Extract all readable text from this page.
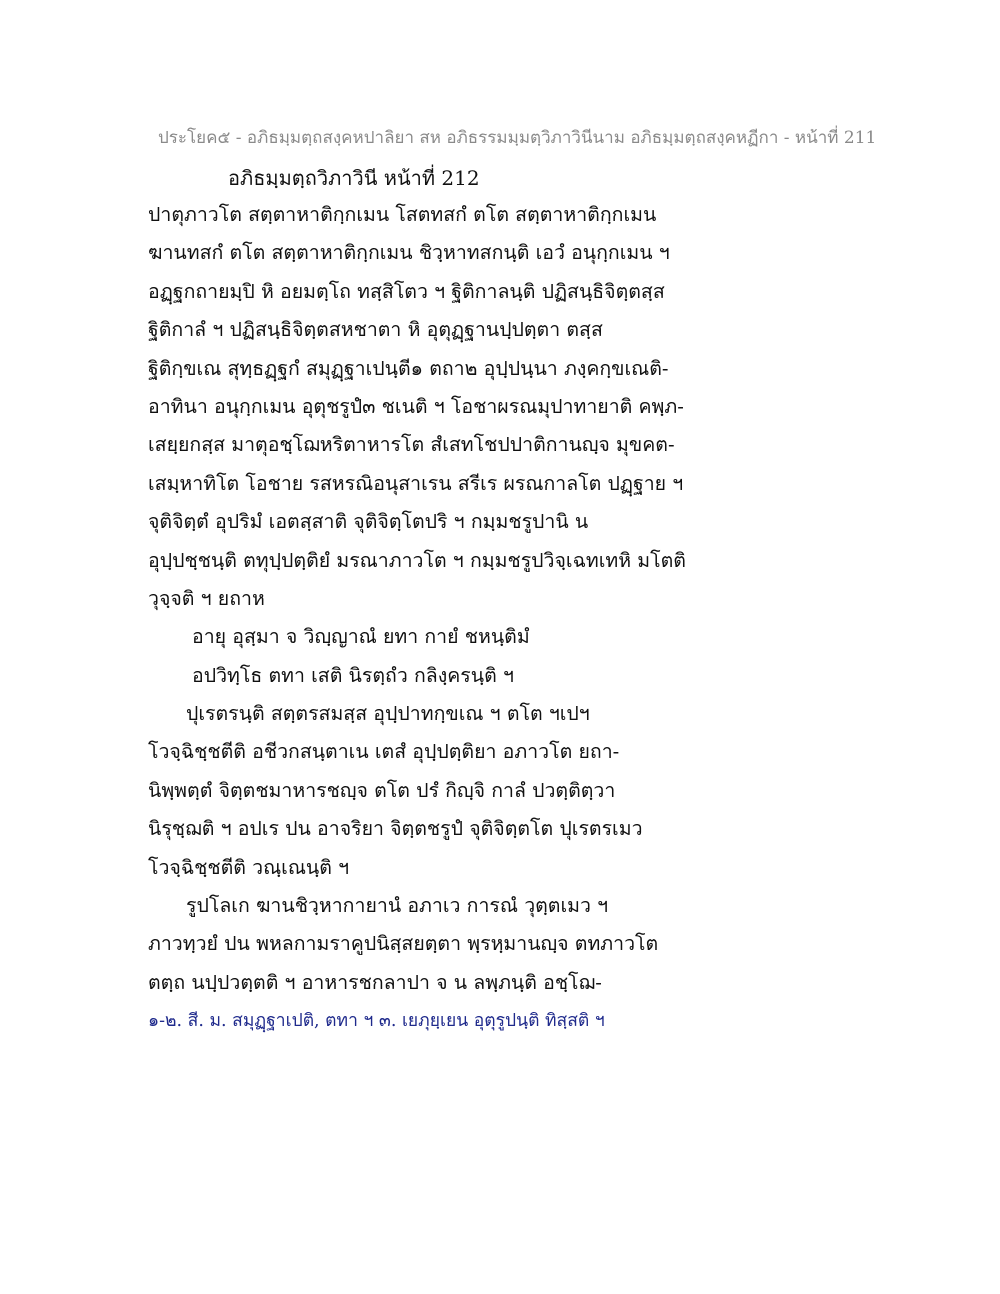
ประโยค๕ - อภิธมฺมตฺถสงฺคหปาลิยา สห อภิธรรมมฺมตฺวิภาวินีนาม อภิธมฺมตฺถสงฺคหฏีกา - หน้าที่ 211
อภิธมฺมตฺถวิภาวินี หน้าที่ 212
ปาตุภาวโต สตฺตาหาติกฺกเมน โสตทสกํ ตโต สตฺตาหาติกฺกเมน
ฆานทสกํ ตโต สตฺตาหาติกฺกเมน ชิวฺหาทสกนฺติ เอวํ อนุกฺกเมน ฯ
อฏฺฐกถายมฺปิ หิ อยมตฺโถ ทสฺสิโตว ฯ ฐิติกาลนฺติ ปฏิสนฺธิจิตฺตสฺส
ฐิติกาลํ ฯ ปฏิสนฺธิจิตฺตสหชาตา หิ อุตุฏฺฐานปฺปตฺตา ตสฺส
ฐิติกฺขเณ สุทฺธฏฺฐกํ สมุฏฺฐาเปนฺตี๑ ตถา๒ อุปฺปนฺนา ภงฺคกฺขเณติ-
อาทินา อนุกฺกเมน อุตุชรูปํ๓ ชเนติ ฯ โอชาผรณมุปาทายาติ คพฺภ-
เสยฺยกสฺส มาตุอชฺโฌหริตาหารโต สํเสทโชปปาติกานญฺจ มุขคต-
เสมฺหาทิโต โอชาย รสหรณิอนุสาเรน สรีเร ผรณกาลโต ปฏฺฐาย ฯ
จุติจิตฺตํ อุปริมํ เอตสฺสาติ จุติจิตฺโตปริ ฯ กมฺมชรูปานิ น
อุปฺปชฺชนฺติ ตทุปฺปตฺติยํ มรณาภาวโต ฯ กมฺมชรูปวิจฺเฉทเทหิ มโตติ
วุจฺจติ ฯ ยถาห
อายุ อุสฺมา จ วิญฺญาณํ ยทา กายํ ชหนฺติมํ
อปวิทฺโธ ตทา เสติ นิรตฺถํว กลิงฺครนฺติ ฯ
ปุเรตรนฺติ สตฺตรสมสฺส อุปฺปาทกฺขเณ ฯ ตโต ฯเปฯ
โวจฺฉิชฺชตีติ อชีวกสนฺตาเน เตสํ อุปฺปตฺติยา อภาวโต ยถา-
นิพฺพตฺตํ จิตฺตชมาหารชญฺจ ตโต ปรํ กิญฺจิ กาลํ ปวตฺติตฺวา
นิรุชฺฌติ ฯ อปเร ปน อาจริยา จิตฺตชรูปํ จุติจิตฺตโต ปุเรตรเมว
โวจฺฉิชฺชตีติ วณฺเณนฺติ ฯ
รูปโลเก ฆานชิวฺหากายานํ อภาเว การณํ วุตฺตเมว ฯ
ภาวทฺวยํ ปน พหลกามราคูปนิสฺสยตฺตา พฺรหฺมานญฺจ ตทภาวโต
ตตฺถ นปฺปวตฺตติ ฯ อาหารชกลาปา จ น ลพฺภนฺติ อชฺโฌ-
๑-๒. สี. ม. สมุฏฺฐาเปติ, ตทา ฯ ๓. เยภุยฺเยน อุตุรูปนฺติ ทิสฺสติ ฯ
